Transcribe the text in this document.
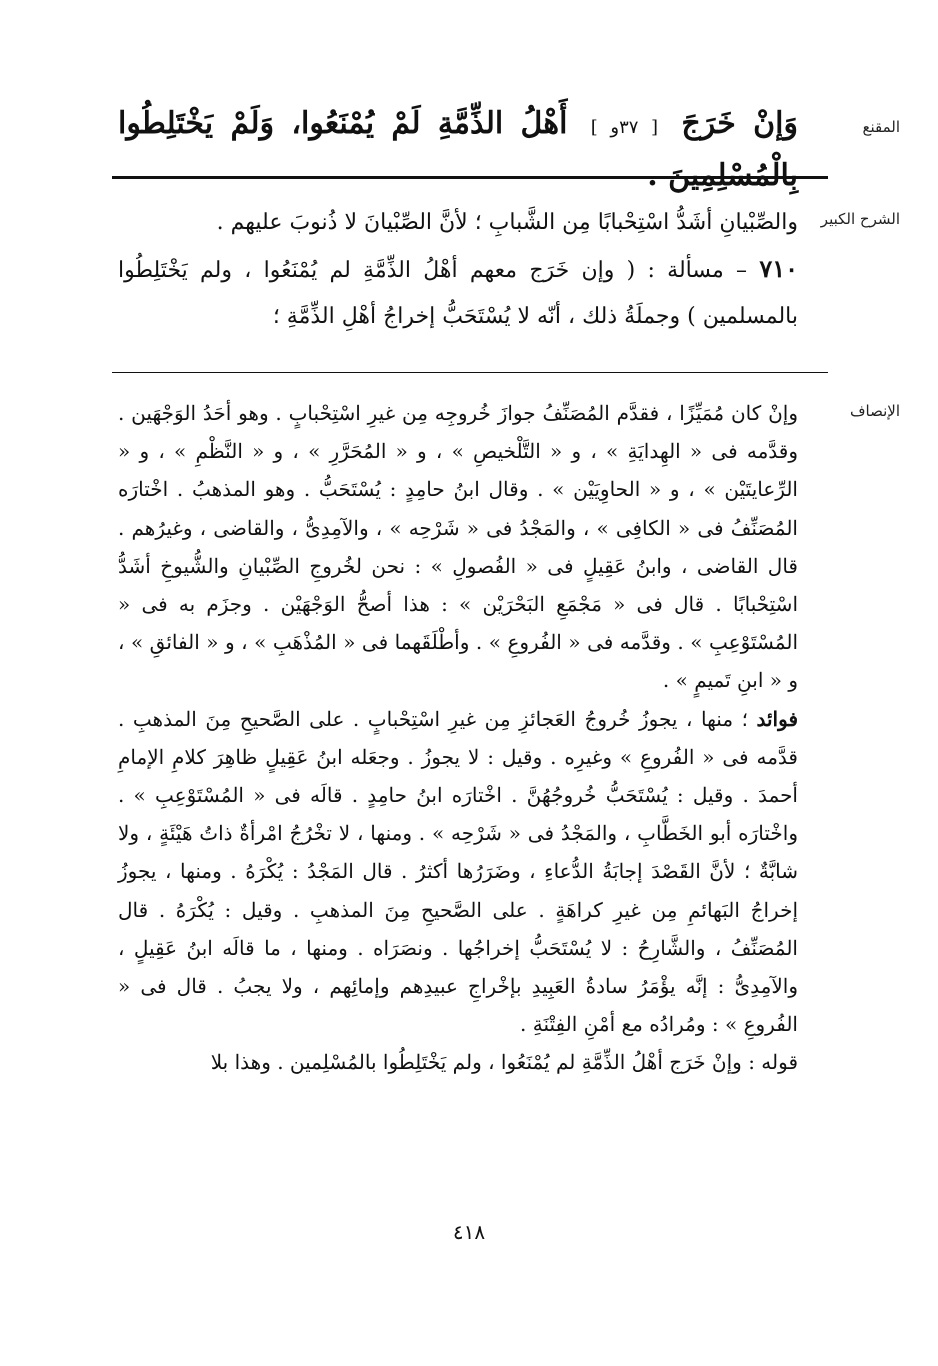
المقنع
وَإنْ خَرَجَ [ ٣٧و ] أَهْلُ الذِّمَّةِ لَمْ يُمْنَعُوا، وَلَمْ يَخْتَلِطُوا بِالْمُسْلِمِينَ .
الشرح الكبير
والصِّبْيانِ أشَدُّ اسْتِحْبابًا مِن الشَّبابِ ؛ لأنَّ الصِّبْيانَ لا ذُنوبَ عليهم .
٧١٠ – مسألة : ( وإن خَرَج معهم أهْلُ الذِّمَّةِ لم يُمْنَعُوا ، ولم يَخْتَلِطُوا بالمسلمين ) وجملَةُ ذلك ، أنّه لا يُسْتَحَبُّ إخراجُ أهْلِ الذِّمَّةِ ؛
الإنصاف

وإنْ كان مُمَيِّزًا ، فقدَّم المُصَنِّفُ جوازَ خُروجِه مِن غيرِ اسْتِحْبابٍ . وهو أحَدُ الوَجْهَين . وقدَّمه فى « الهِدايَةِ » ، و « التَّلْخيصِ » ، و « المُحَرَّرِ » ، و « النَّظْمِ » ، و « الرِّعايتَيْن » ، و « الحاوِيَيْن » . وقال ابنُ حامِدٍ : يُسْتَحَبُّ . وهو المذهبُ . اخْتارَه المُصَنِّفُ فى « الكافِى » ، والمَجْدُ فى « شَرْحِه » ، والآمِدِىُّ ، والقاضى ، وغيرُهم . قال القاضى ، وابنُ عَقِيلٍ فى « الفُصولِ » : نحن لخُروجِ الصِّبْيانِ والشُّيوخِ أشَدُّ اسْتِحْبابًا . قال فى « مَجْمَعِ البَحْرَيْن » : هذا أصحُّ الوَجْهَيْن . وجزَم به فى « المُسْتَوْعِبِ » . وقدَّمه فى « الفُروعِ » . وأطْلَقَهما فى « المُذْهَبِ » ، و « الفائقِ » ، و « ابنِ تَميمٍ » .

فوائد ؛ منها ، يجوزُ خُروجُ العَجائزِ مِن غيرِ اسْتِحْبابٍ . على الصَّحيحِ مِنَ المذهبِ . قدَّمه فى « الفُروعِ » وغيرِه . وقيل : لا يجوزُ . وجعَله ابنُ عَقِيلٍ ظاهِرَ كلامِ الإمامِ أحمدَ . وقيل : يُسْتَحَبُّ خُروجُهُنَّ . اخْتارَه ابنُ حامِدٍ . قالَه فى « المُسْتَوْعِبِ » . واخْتارَه أبو الخَطَّابِ ، والمَجْدُ فى « شَرْحِه » . ومنها ، لا تخْرُجُ امْرأةٌ ذاتُ هَيْئَةٍ ، ولا شابَّةٌ ؛ لأنَّ القَصْدَ إجابَةُ الدُّعاءِ ، وضَرَرُها أكثرُ . قال المَجْدُ : يُكْرَهُ . ومنها ، يجوزُ إخراجُ البَهائمِ مِن غيرِ كراهَةٍ . على الصَّحيحِ مِنَ المذهبِ . وقيل : يُكْرَهُ . قال المُصَنِّفُ ، والشَّارِحُ : لا يُسْتَحَبُّ إخراجُها . ونصَرَاه . ومنها ، ما قالَه ابنُ عَقِيلٍ ، والآمِدِىُّ : إنَّه يؤْمَرُ سادةُ العَبِيدِ بإخْراجِ عبيدِهم وإمائِهم ، ولا يجبُ . قال فى « الفُروعِ » : ومُرادُه مع أمْنِ الفِتْنَةِ .

قوله : وإنْ خَرَج أهْلُ الذِّمَّةِ لم يُمْنَعُوا ، ولم يَخْتَلِطُوا بالمُسْلِمين . وهذا بلا

٤١٨
